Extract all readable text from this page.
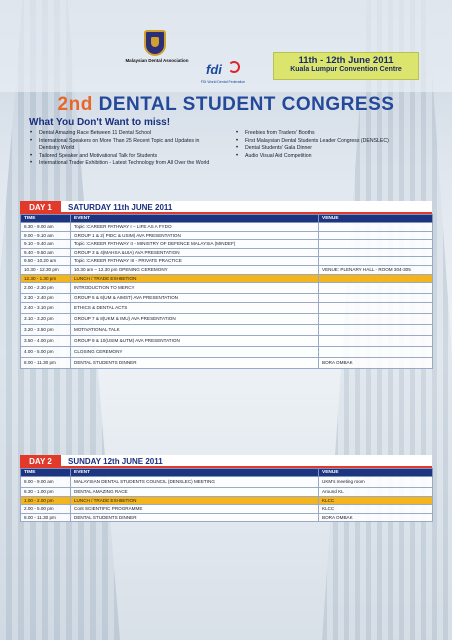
Malaysian Dental Association
fdi
FDI World Dental Federation
11th - 12th June 2011
Kuala Lumpur Convention Centre
2nd DENTAL STUDENT CONGRESS
What You Don't Want to miss!
• Dental Amazing Race Between 11 Dental School
• International Speakers on More Than 25 Recent Topic and Updates in Dentistry World
• Tailored Speaker and Motivational Talk for Students
• International Trader Exhibition - Latest Technology from All Over the World
• Freebies from Traders' Booths
• First Malaysian Dental Students Leader Congress (DENSLEC)
• Dental Students' Gala Dinner
• Audio Visual Aid Competition
DAY 1	SATURDAY 11th JUNE 2011
TIME	EVENT	VENUE
8.30 - 9.00 am	Topic :CAREER PATHWAY I – LIFE AS A FYDO	
9.00 - 9.10 am	GROUP 1 & 2( PIDC & USIM) AVA PRESENTATION	
9.10 - 9.40 am	Topic :CAREER PATHWAY II - MINISTRY OF DEFENCE MALAYSIA (MINDEF)	
9.40 - 9.50 am	GROUP 3 & 4(MAHSA &UIA) AVA PRESENTATION	
9.50 - 10.20 am	Topic :CAREER PATHWAY III - PRIVATE PRACTICE	
10.30 - 12.30 pm	10.30 am – 12.30 pm OPENING CEREMONY	VENUE: PLENARY HALL - ROOM 304-305
12.30 - 1.30 pm	LUNCH / TRADE EXHIBITION	
2.00 - 2.30 pm	INTRODUCTION TO MERCY	
2.30 - 2.40 pm	GROUP 5 & 6(UM & AIMST) AVA PRESENTATION	
2.40 - 3.10 pm	ETHICS & DENTAL ACTS	
3.10 - 3.20 pm	GROUP 7 & 8(UKM & IMU) AVA PRESENTATION	
3.20 - 3.50 pm	MOTIVATIONAL TALK	
3.50 - 4.00 pm	GROUP 9 & 10(USIM &UTM) AVA PRESENTATION	
4.00 - 5.00 pm	CLOSING CEREMONY	
8.00 - 11.30 pm	DENTAL STUDENTS DINNER	BORA OMBAK
DAY 2	SUNDAY 12th JUNE 2011
TIME	EVENT	VENUE
8.00 - 9.00 am	MALAYSIAN DENTAL STUDENTS COUNCIL (DENSLEC) MEETING	UKM's meeting room
8.30 - 1.00 pm	DENTAL AMAZING RACE	Around KL
1.00 - 2.00 pm	LUNCH / TRADE EXHIBITION	KLCC
2.00 - 5.00 pm	Cont SCIENTIFIC PROGRAMME	KLCC
8.00 - 11.30 pm	DENTAL STUDENTS DINNER	BORA OMBAK
